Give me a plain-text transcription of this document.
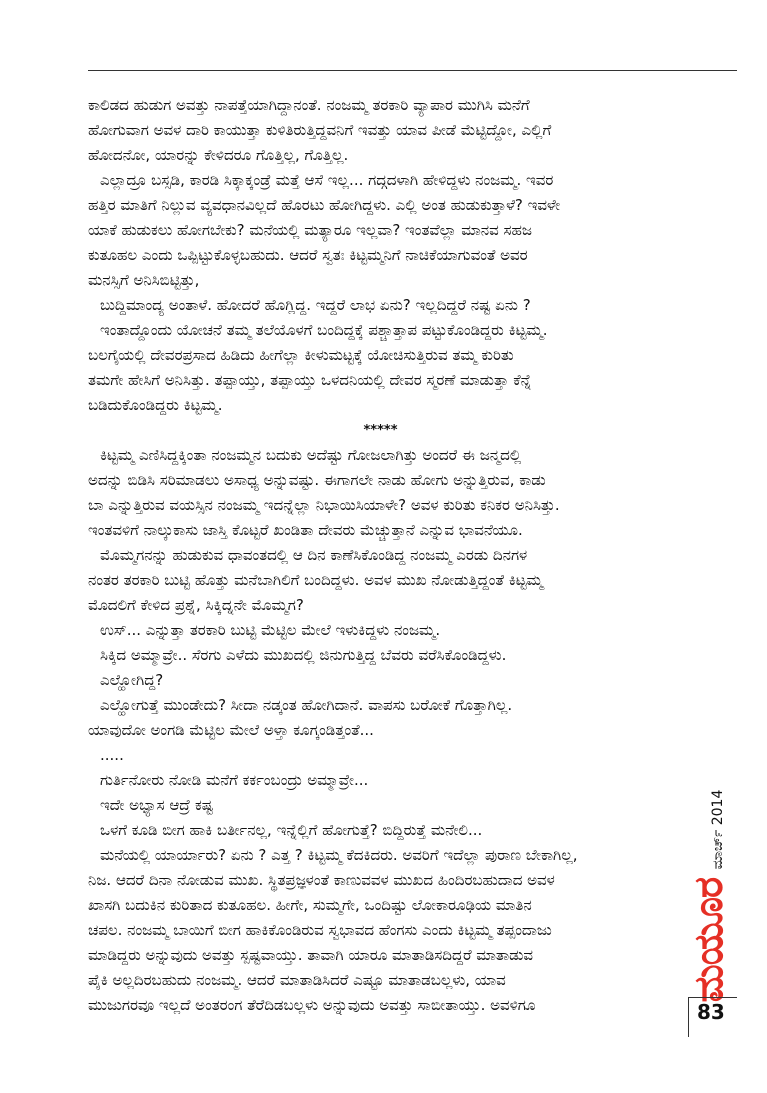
ಕಾಲಿಡದ ಹುಡುಗ ಅವತ್ತು ನಾಪತ್ತೆಯಾಗಿದ್ದಾನಂತೆ. ನಂಜಮ್ಮ ತರಕಾರಿ ವ್ಯಾಪಾರ ಮುಗಿಸಿ ಮನೆಗೆ
ಹೋಗುವಾಗ ಅವಳ ದಾರಿ ಕಾಯುತ್ತಾ ಕುಳಿತಿರುತ್ತಿದ್ದವನಿಗೆ ಇವತ್ತು ಯಾವ ಪೀಡೆ ಮೆಟ್ಟಿದ್ದೋ, ಎಲ್ಲಿಗೆ
ಹೋದನೋ, ಯಾರನ್ನು ಕೇಳಿದರೂ ಗೊತ್ತಿಲ್ಲ, ಗೊತ್ತಿಲ್ಲ.
ಎಲ್ಲಾದ್ರೂ ಬಸ್ಸಡಿ, ಕಾರಡಿ ಸಿಕ್ಕಾಕ್ಕಂಡ್ರೆ ಮತ್ತೆ ಆಸೆ ಇಲ್ಲ... ಗದ್ಗದಳಾಗಿ ಹೇಳಿದ್ದಳು ನಂಜಮ್ಮ. ಇವರ
ಹತ್ತಿರ ಮಾತಿಗೆ ನಿಲ್ಲುವ ವ್ಯವಧಾನವಿಲ್ಲದೆ ಹೊರಟು ಹೋಗಿದ್ದಳು. ಎಲ್ಲಿ ಅಂತ ಹುಡುಕುತ್ತಾಳೆ? ಇವಳೇ
ಯಾಕೆ ಹುಡುಕಲು ಹೋಗಬೇಕು? ಮನೆಯಲ್ಲಿ ಮತ್ಯಾರೂ ಇಲ್ಲವಾ? ಇಂತವೆಲ್ಲಾ ಮಾನವ ಸಹಜ
ಕುತೂಹಲ ಎಂದು ಒಪ್ಪಿಟ್ಟುಕೊಳ್ಳಬಹುದು. ಆದರೆ ಸ್ವತಃ ಕಿಟ್ಟಮ್ಮನಿಗೆ ನಾಚಿಕೆಯಾಗುವಂತೆ ಅವರ
ಮನಸ್ಸಿಗೆ ಅನಿಸಿಬಿಟ್ಟಿತ್ತು,
ಬುದ್ದಿಮಾಂದ್ಯ ಅಂತಾಳೆ. ಹೋದರೆ ಹೊಗ್ಲಿದ್ದ. ಇದ್ದರೆ ಲಾಭ ಏನು? ಇಲ್ಲದಿದ್ದರೆ ನಷ್ಟ ಏನು ?
ಇಂತಾದ್ದೊಂದು ಯೋಚನೆ ತಮ್ಮ ತಲೆಯೊಳಗೆ ಬಂದಿದ್ದಕ್ಕೆ ಪಶ್ಚಾತ್ತಾಪ ಪಟ್ಟುಕೊಂಡಿದ್ದರು ಕಿಟ್ಟಮ್ಮ.
ಬಲಗೈಯಲ್ಲಿ ದೇವರಪ್ರಸಾದ ಹಿಡಿದು ಹೀಗೆಲ್ಲಾ ಕೀಳುಮಟ್ಟಕ್ಕೆ ಯೋಚಿಸುತ್ತಿರುವ ತಮ್ಮ ಕುರಿತು
ತಮಗೇ ಹೇಸಿಗೆ ಅನಿಸಿತ್ತು. ತಪ್ಪಾಯ್ತು, ತಪ್ಪಾಯ್ತು ಒಳದನಿಯಲ್ಲಿ ದೇವರ ಸ್ಮರಣೆ ಮಾಡುತ್ತಾ ಕೆನ್ನೆ
ಬಡಿದುಕೊಂಡಿದ್ದರು ಕಿಟ್ಟಮ್ಮ.
*****
ಕಿಟ್ಟಮ್ಮ ಎಣಿಸಿದ್ದಕ್ಕಿಂತಾ ನಂಜಮ್ಮನ ಬದುಕು ಅದೆಷ್ಟು ಗೋಜಲಾಗಿತ್ತು ಅಂದರೆ ಈ ಜನ್ಮದಲ್ಲಿ
ಅದನ್ನು ಬಿಡಿಸಿ ಸರಿಮಾಡಲು ಅಸಾಧ್ಯ ಅನ್ನುವಷ್ಟು. ಈಗಾಗಲೇ ನಾಡು ಹೋಗು ಅನ್ನುತ್ತಿರುವ, ಕಾಡು
ಬಾ ಎನ್ನುತ್ತಿರುವ ವಯಸ್ಸಿನ ನಂಜಮ್ಮ ಇದನ್ನೆಲ್ಲಾ ನಿಭಾಯಿಸಿಯಾಳೇ? ಅವಳ ಕುರಿತು ಕನಿಕರ ಅನಿಸಿತ್ತು.
ಇಂತವಳಿಗೆ ನಾಲ್ಕುಕಾಸು ಜಾಸ್ತಿ ಕೊಟ್ಟರೆ ಖಂಡಿತಾ ದೇವರು ಮೆಚ್ಚುತ್ತಾನೆ ಎನ್ನುವ ಭಾವನೆಯೂ.
ಮೊಮ್ಮಗನನ್ನು ಹುಡುಕುವ ಧಾವಂತದಲ್ಲಿ ಆ ದಿನ ಕಾಣೆಸಿಕೊಂಡಿದ್ದ ನಂಜಮ್ಮ ಎರಡು ದಿನಗಳ
ನಂತರ ತರಕಾರಿ ಬುಟ್ಟಿ ಹೊತ್ತು ಮನೆಬಾಗಿಲಿಗೆ ಬಂದಿದ್ದಳು. ಅವಳ ಮುಖ ನೋಡುತ್ತಿದ್ದಂತೆ ಕಿಟ್ಟಮ್ಮ
ಮೊದಲಿಗೆ ಕೇಳಿದ ಪ್ರಶ್ನೆ, ಸಿಕ್ಕಿದ್ನನೇ ಮೊಮ್ಮಗ?
ಉಸ್... ಎನ್ನುತ್ತಾ ತರಕಾರಿ ಬುಟ್ಟಿ ಮೆಟ್ಟಿಲ ಮೇಲೆ ಇಳುಕಿದ್ದಳು ನಂಜಮ್ಮ.
ಸಿಕ್ಕಿದ ಅಮ್ಮಾವ್ರೇ.. ಸೆರಗು ಎಳೆದು ಮುಖದಲ್ಲಿ ಜಿನುಗುತ್ತಿದ್ದ ಬೆವರು ವರೆಸಿಕೊಂಡಿದ್ದಳು.
ಎಲ್ಹೋಗಿದ್ದ?
ಎಲ್ಹೋಗುತ್ತೆ ಮುಂಡೇದು? ಸೀದಾ ನಡ್ಕಂತ ಹೋಗಿದಾನೆ. ವಾಪಸು ಬರೋಕೆ ಗೊತ್ತಾಗಿಲ್ಲ.
ಯಾವುದೋ ಅಂಗಡಿ ಮೆಟ್ಟಿಲ ಮೇಲೆ ಅಳ್ತಾ ಕೂಗ್ಕಂಡಿತ್ತಂತೆ...
.....
ಗುರ್ತಿನೋರು ನೋಡಿ ಮನೆಗೆ ಕರ್ಕಂಬಂದ್ರು ಅಮ್ಮಾವ್ರೇ...
ಇದೇ ಅಭ್ಯಾಸ ಆದ್ರೆ ಕಷ್ಟ
ಒಳಗೆ ಕೂಡಿ ಬೀಗ ಹಾಕಿ ಬರ್ತೀನಲ್ಲ, ಇನ್ನೆಲ್ಲಿಗೆ ಹೋಗುತ್ತೆ? ಬಿದ್ದಿರುತ್ತೆ ಮನೇಲಿ...
ಮನೆಯಲ್ಲಿ ಯಾರ್ಯಾರು? ಏನು ? ಎತ್ತ ? ಕಿಟ್ಟಮ್ಮ ಕೆದಕಿದರು. ಅವರಿಗೆ ಇದೆಲ್ಲಾ ಪುರಾಣ ಬೇಕಾಗಿಲ್ಲ,
ನಿಜ. ಆದರೆ ದಿನಾ ನೋಡುವ ಮುಖ. ಸ್ಥಿತಪ್ರಜ್ಞಳಂತೆ ಕಾಣುವವಳ ಮುಖದ ಹಿಂದಿರಬಹುದಾದ ಅವಳ
ಖಾಸಗಿ ಬದುಕಿನ ಕುರಿತಾದ ಕುತೂಹಲ. ಹೀಗೇ, ಸುಮ್ಮಗೇ, ಒಂದಿಷ್ಟು ಲೋಕಾರೂಢಿಯ ಮಾತಿನ
ಚಪಲ. ನಂಜಮ್ಮ ಬಾಯಿಗೆ ಬೀಗ ಹಾಕಿಕೊಂಡಿರುವ ಸ್ವಭಾವದ ಹೆಂಗಸು ಎಂದು ಕಿಟ್ಟಮ್ಮ ತಪ್ಪಂದಾಜು
ಮಾಡಿದ್ದರು ಅನ್ನುವುದು ಅವತ್ತು ಸ್ಪಷ್ಟವಾಯ್ತು. ತಾವಾಗಿ ಯಾರೂ ಮಾತಾಡಿಸದಿದ್ದರೆ ಮಾತಾಡುವ
ಪೈಕಿ ಅಲ್ಲದಿರಬಹುದು ನಂಜಮ್ಮ. ಆದರೆ ಮಾತಾಡಿಸಿದರೆ ಎಷ್ಟೂ ಮಾತಾಡಬಲ್ಲಳು, ಯಾವ
ಮುಜುಗರವೂ ಇಲ್ಲದೆ ಅಂತರಂಗ ತೆರೆದಿಡಬಲ್ಲಳು ಅನ್ನುವುದು ಅವತ್ತು ಸಾಬೀತಾಯ್ತು. ಅವಳಿಗೂ
ಮಯೂರ ಮಾರ್ಚ್ 2014
83
